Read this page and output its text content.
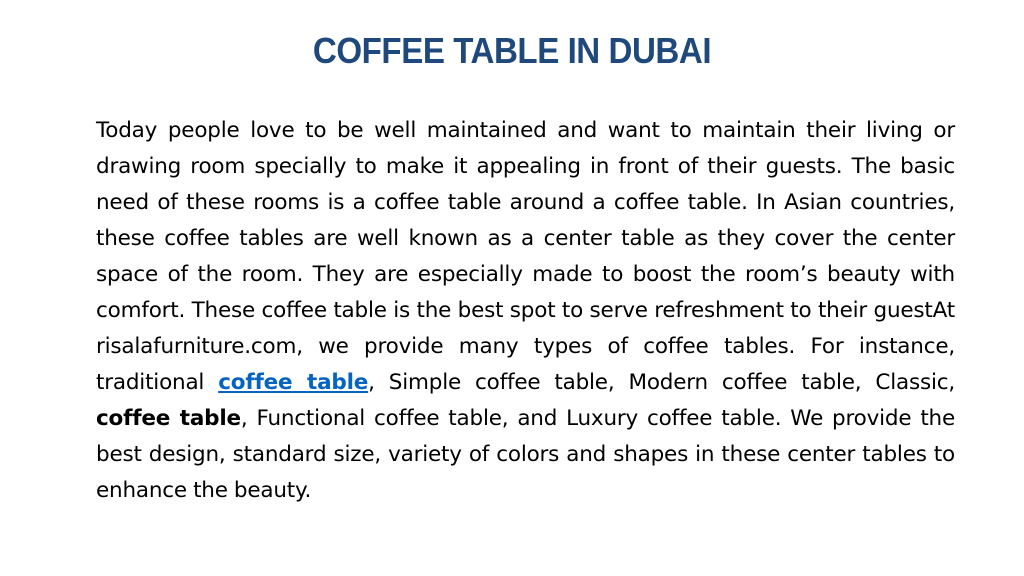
COFFEE TABLE IN DUBAI
Today people love to be well maintained and want to maintain their living or drawing room specially to make it appealing in front of their guests. The basic need of these rooms is a coffee table around a coffee table. In Asian countries, these coffee tables are well known as a center table as they cover the center space of the room. They are especially made to boost the room’s beauty with comfort. These coffee table is the best spot to serve refreshment to their guestAt risalafurniture.com, we provide many types of coffee tables. For instance, traditional coffee table, Simple coffee table, Modern coffee table, Classic, coffee table, Functional coffee table, and Luxury coffee table. We provide the best design, standard size, variety of colors and shapes in these center tables to enhance the beauty.
